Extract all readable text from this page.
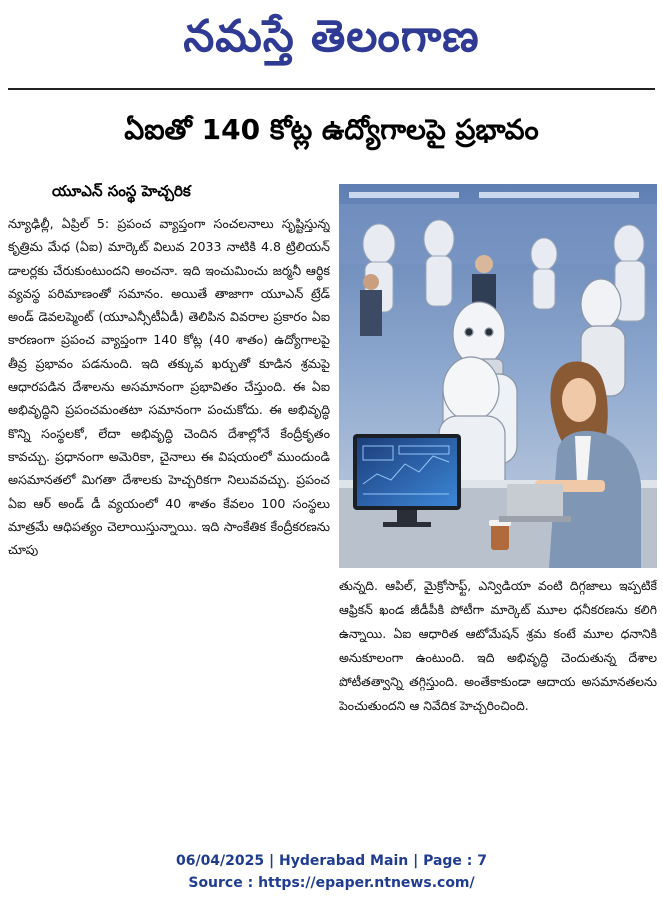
నమస్తే తెలంగాణ
ఏఐతో 140 కోట్ల ఉద్యోగాలపై ప్రభావం
యూఎన్ సంస్థ హెచ్చరిక

న్యూఢిల్లీ, ఏప్రిల్ 5: ప్రపంచ వ్యాప్తంగా సంచలనాలు సృష్టిస్తున్న కృత్రిమ మేధ (ఏఐ) మార్కెట్ విలువ 2033 నాటికి 4.8 ట్రిలియన్ డాలర్లకు చేరుకుంటుందని అంచనా. ఇది ఇంచుమించు జర్మనీ ఆర్థిక వ్యవస్థ పరిమాణంతో సమానం. అయితే తాజాగా యూఎన్ ట్రేడ్ అండ్ డెవలప్మెంట్ (యూఎన్సీటీఏడీ) తెలిపిన వివరాల ప్రకారం ఏఐ కారణంగా ప్రపంచ వ్యాప్తంగా 140 కోట్ల (40 శాతం) ఉద్యోగాలపై తీవ్ర ప్రభావం పడనుంది. ఇది తక్కువ ఖర్చుతో కూడిన శ్రమపై ఆధారపడిన దేశాలను అసమానంగా ప్రభావితం చేస్తుంది. ఈ ఏఐ అభివృద్ధిని ప్రపంచమంతటా సమానంగా పంచుకోదు. ఈ అభివృద్ధి కొన్ని సంస్థలకో, లేదా అభివృద్ధి చెందిన దేశాల్లోనే కేంద్రీకృతం కావచ్చు. ప్రధానంగా అమెరికా, చైనాలు ఈ విషయంలో ముందుండి అసమానతలో మిగతా దేశాలకు హెచ్చరికగా నిలువవచ్చు. ప్రపంచ ఏఐ ఆర్ అండ్ డీ వ్యయంలో 40 శాతం కేవలం 100 సంస్థలు మాత్రమే ఆధిపత్యం చెలాయిస్తున్నాయి. ఇది సాంకేతిక కేంద్రీకరణను చూపు

తున్నది. ఆపిల్, మైక్రోసాఫ్ట్, ఎన్విడియా వంటి దిగ్గజాలు ఇప్పటికే ఆఫ్రికన్ ఖండ జీడీపీకి పోటీగా మార్కెట్ మూల ధనీకరణను కలిగి ఉన్నాయి. ఏఐ ఆధారిత ఆటోమేషన్ శ్రమ కంటే మూల ధనానికి అనుకూలంగా ఉంటుంది. ఇది అభివృద్ధి చెందుతున్న దేశాల పోటీతత్వాన్ని తగ్గిస్తుంది. అంతేకాకుండా ఆదాయ అసమానతలను పెంచుతుందని ఆ నివేదిక హెచ్చరించింది.

06/04/2025 | Hyderabad Main | Page : 7
Source : https://epaper.ntnews.com/
